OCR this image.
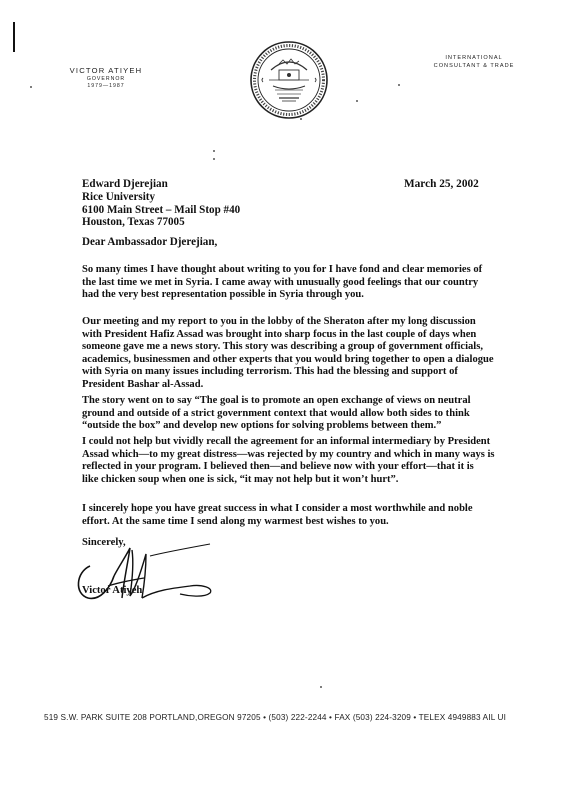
VICTOR ATIYEH
GOVERNOR
1979—1987
INTERNATIONAL
CONSULTANT & TRADE
March 25, 2002
Edward Djerejian
Rice University
6100 Main Street – Mail Stop #40
Houston, Texas 77005
Dear Ambassador Djerejian,
So many times I have thought about writing to you for I have fond and clear memories of
the last time we met in Syria. I came away with unusually good feelings that our country
had the very best representation possible in Syria through you.
Our meeting and my report to you in the lobby of the Sheraton after my long discussion
with President Hafiz Assad was brought into sharp focus in the last couple of days when
someone gave me a news story. This story was describing a group of government officials,
academics, businessmen and other experts that you would bring together to open a dialogue
with Syria on many issues including terrorism. This had the blessing and support of
President Bashar al-Assad.
The story went on to say “The goal is to promote an open exchange of views on neutral
ground and outside of a strict government context that would allow both sides to think
“outside the box” and develop new options for solving problems between them.”
I could not help but vividly recall the agreement for an informal intermediary by President
Assad which—to my great distress—was rejected by my country and which in many ways is
reflected in your program. I believed then—and believe now with your effort—that it is
like chicken soup when one is sick, “it may not help but it won’t hurt”.
I sincerely hope you have great success in what I consider a most worthwhile and noble
effort. At the same time I send along my warmest best wishes to you.
Sincerely,
Victor Atiyeh
519 S.W. PARK SUITE 208 PORTLAND,OREGON 97205 • (503) 222-2244 • FAX (503) 224-3209 • TELEX 4949883 AIL UI
